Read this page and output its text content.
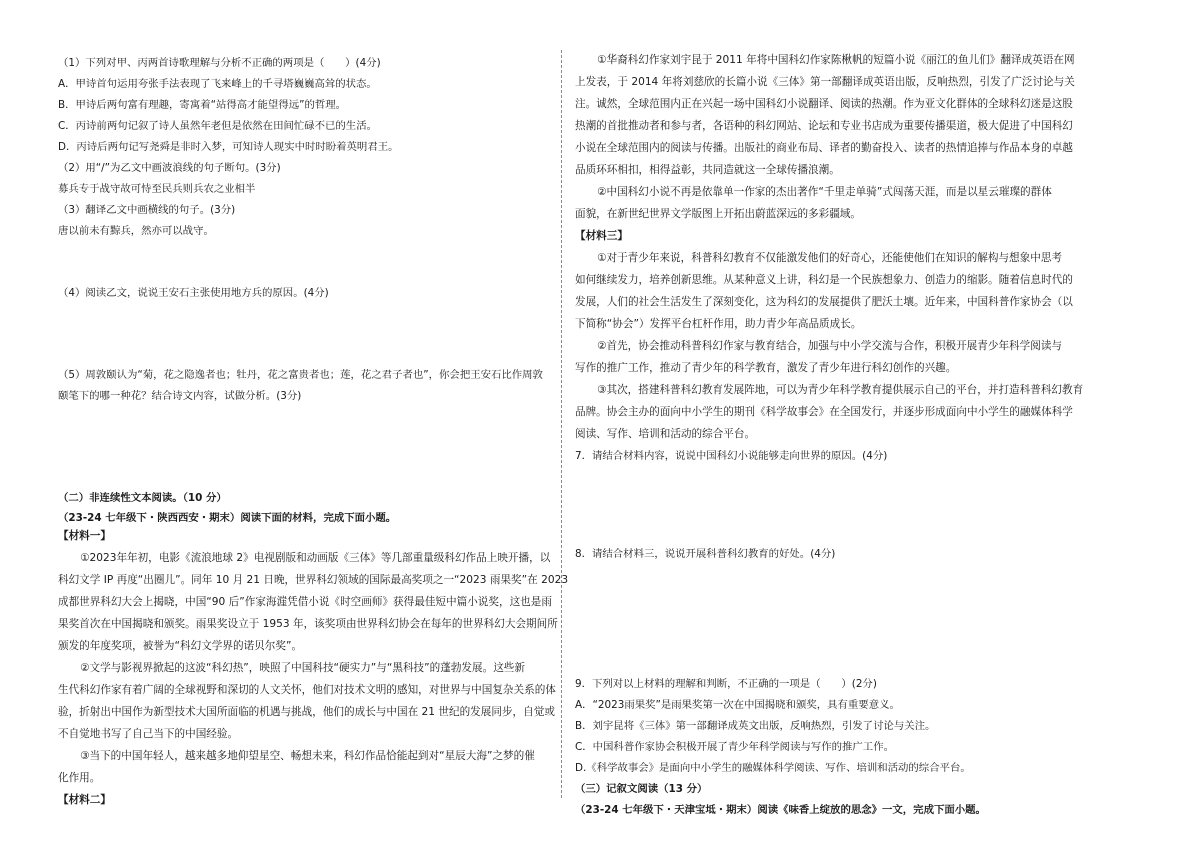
（1）下列对甲、丙两首诗歌理解与分析不正确的两项是（　　）(4分)
A．甲诗首句运用夸张手法表现了飞来峰上的千寻塔巍巍高耸的状态。
B．甲诗后两句富有理趣，寄寓着“站得高才能望得远”的哲理。
C．丙诗前两句记叙了诗人虽然年老但是依然在田间忙碌不已的生活。
D．丙诗后两句记写尧舜是非时入梦，可知诗人现实中时时盼着英明君王。
（2）用“/”为乙文中画波浪线的句子断句。(3分)
募兵专于战守故可恃至民兵则兵农之业相半
（3）翻译乙文中画横线的句子。(3分)
唐以前未有黥兵，然亦可以战守。
（4）阅读乙文，说说王安石主张使用地方兵的原因。(4分)
（5）周敦颐认为“菊，花之隐逸者也；牡丹，花之富贵者也；莲，花之君子者也”，你会把王安石比作周敦
颐笔下的哪一种花？结合诗文内容，试做分析。(3分)
（二）非连续性文本阅读。（10 分）
（23-24 七年级下・陕西西安・期末）阅读下面的材料，完成下面小题。
【材料一】
①2023年年初，电影《流浪地球 2》电视剧版和动画版《三体》等几部重量级科幻作品上映开播，以
科幻文学 IP 再度“出圈儿”。同年 10 月 21 日晚，世界科幻领域的国际最高奖项之一“2023 雨果奖”在 2023
成都世界科幻大会上揭晓，中国“90 后”作家海漄凭借小说《时空画师》获得最佳短中篇小说奖，这也是雨
果奖首次在中国揭晓和颁奖。雨果奖设立于 1953 年，该奖项由世界科幻协会在每年的世界科幻大会期间所
颁发的年度奖项，被誉为“科幻文学界的诺贝尔奖”。
②文学与影视界掀起的这波“科幻热”，映照了中国科技“硬实力”与“黑科技”的蓬勃发展。这些新
生代科幻作家有着广阔的全球视野和深切的人文关怀，他们对技术文明的感知，对世界与中国复杂关系的体
验，折射出中国作为新型技术大国所面临的机遇与挑战，他们的成长与中国在 21 世纪的发展同步，自觉或
不自觉地书写了自己当下的中国经验。
③当下的中国年轻人，越来越多地仰望星空、畅想未来，科幻作品恰能起到对“星辰大海”之梦的催
化作用。
【材料二】
①华裔科幻作家刘宇昆于 2011 年将中国科幻作家陈楸帆的短篇小说《丽江的鱼儿们》翻译成英语在网
上发表，于 2014 年将刘慈欣的长篇小说《三体》第一部翻译成英语出版，反响热烈，引发了广泛讨论与关
注。诚然，全球范围内正在兴起一场中国科幻小说翻译、阅读的热潮。作为亚文化群体的全球科幻迷是这股
热潮的首批推动者和参与者，各语种的科幻网站、论坛和专业书店成为重要传播渠道，极大促进了中国科幻
小说在全球范围内的阅读与传播。出版社的商业布局、译者的勤奋投入、读者的热情追捧与作品本身的卓越
品质环环相扣，相得益彰，共同造就这一全球传播浪潮。
②中国科幻小说不再是依靠单一作家的杰出著作“千里走单骑”式闯荡天涯，而是以星云璀璨的群体
面貌，在新世纪世界文学版图上开拓出蔚蓝深远的多彩疆域。
【材料三】
①对于青少年来说，科普科幻教育不仅能激发他们的好奇心，还能使他们在知识的解构与想象中思考
如何继续发力，培养创新思维。从某种意义上讲，科幻是一个民族想象力、创造力的缩影。随着信息时代的
发展，人们的社会生活发生了深刻变化，这为科幻的发展提供了肥沃土壤。近年来，中国科普作家协会（以
下简称“协会”）发挥平台杠杆作用，助力青少年高品质成长。
②首先，协会推动科普科幻作家与教育结合，加强与中小学交流与合作，积极开展青少年科学阅读与
写作的推广工作，推动了青少年的科学教育，激发了青少年进行科幻创作的兴趣。
③其次，搭建科普科幻教育发展阵地，可以为青少年科学教育提供展示自己的平台，并打造科普科幻教育
品牌。协会主办的面向中小学生的期刊《科学故事会》在全国发行，并逐步形成面向中小学生的融媒体科学
阅读、写作、培训和活动的综合平台。
7．请结合材料内容，说说中国科幻小说能够走向世界的原因。(4分)
8．请结合材料三，说说开展科普科幻教育的好处。(4分)
9．下列对以上材料的理解和判断，不正确的一项是（　　）(2分)
A．“2023雨果奖”是雨果奖第一次在中国揭晓和颁奖，具有重要意义。
B．刘宇昆将《三体》第一部翻译成英文出版，反响热烈，引发了讨论与关注。
C．中国科普作家协会积极开展了青少年科学阅读与写作的推广工作。
D.《科学故事会》是面向中小学生的融媒体科学阅读、写作、培训和活动的综合平台。
（三）记叙文阅读（13 分）
（23-24 七年级下・天津宝坻・期末）阅读《味香上绽放的思念》一文，完成下面小题。
